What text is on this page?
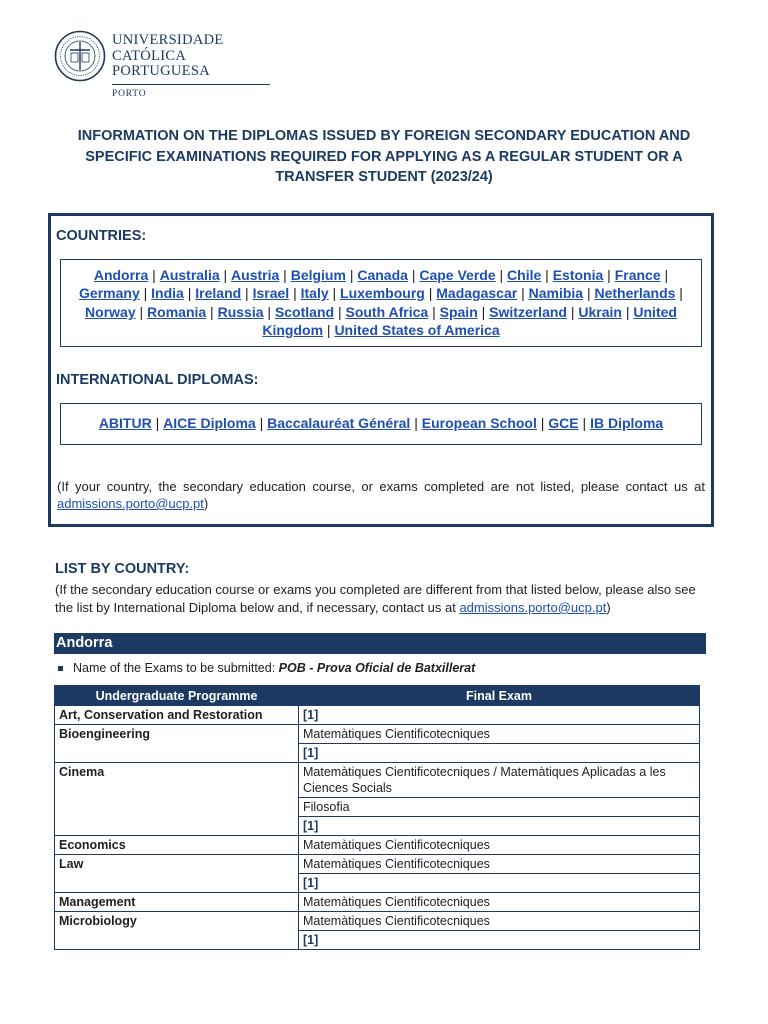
UNIVERSIDADE
CATÓLICA
PORTUGUESA
PORTO
INFORMATION ON THE DIPLOMAS ISSUED BY FOREIGN SECONDARY EDUCATION AND SPECIFIC EXAMINATIONS REQUIRED FOR APPLYING AS A REGULAR STUDENT OR A TRANSFER STUDENT (2023/24)
COUNTRIES:
Andorra | Australia | Austria | Belgium | Canada | Cape Verde | Chile | Estonia | France | Germany | India | Ireland | Israel | Italy | Luxembourg | Madagascar | Namibia | Netherlands | Norway | Romania | Russia | Scotland | South Africa | Spain | Switzerland | Ukrain | United Kingdom | United States of America
INTERNATIONAL DIPLOMAS:
ABITUR | AICE Diploma | Baccalauréat Général | European School | GCE | IB Diploma
(If your country, the secondary education course, or exams completed are not listed, please contact us at admissions.porto@ucp.pt)
LIST BY COUNTRY:
(If the secondary education course or exams you completed are different from that listed below, please also see the list by International Diploma below and, if necessary, contact us at admissions.porto@ucp.pt)
Andorra
Name of the Exams to be submitted: POB - Prova Oficial de Batxillerat
Undergraduate Programme	Final Exam
Art, Conservation and Restoration	[1]
Bioengineering	Matemàtiques Cientificotecniques
	[1]
Cinema	Matemàtiques Cientificotecniques / Matemàtiques Aplicadas a les Ciences Socials
	Filosofia
	[1]
Economics	Matemàtiques Cientificotecniques
Law	Matemàtiques Cientificotecniques
	[1]
Management	Matemàtiques Cientificotecniques
Microbiology	Matemàtiques Cientificotecniques
	[1]
